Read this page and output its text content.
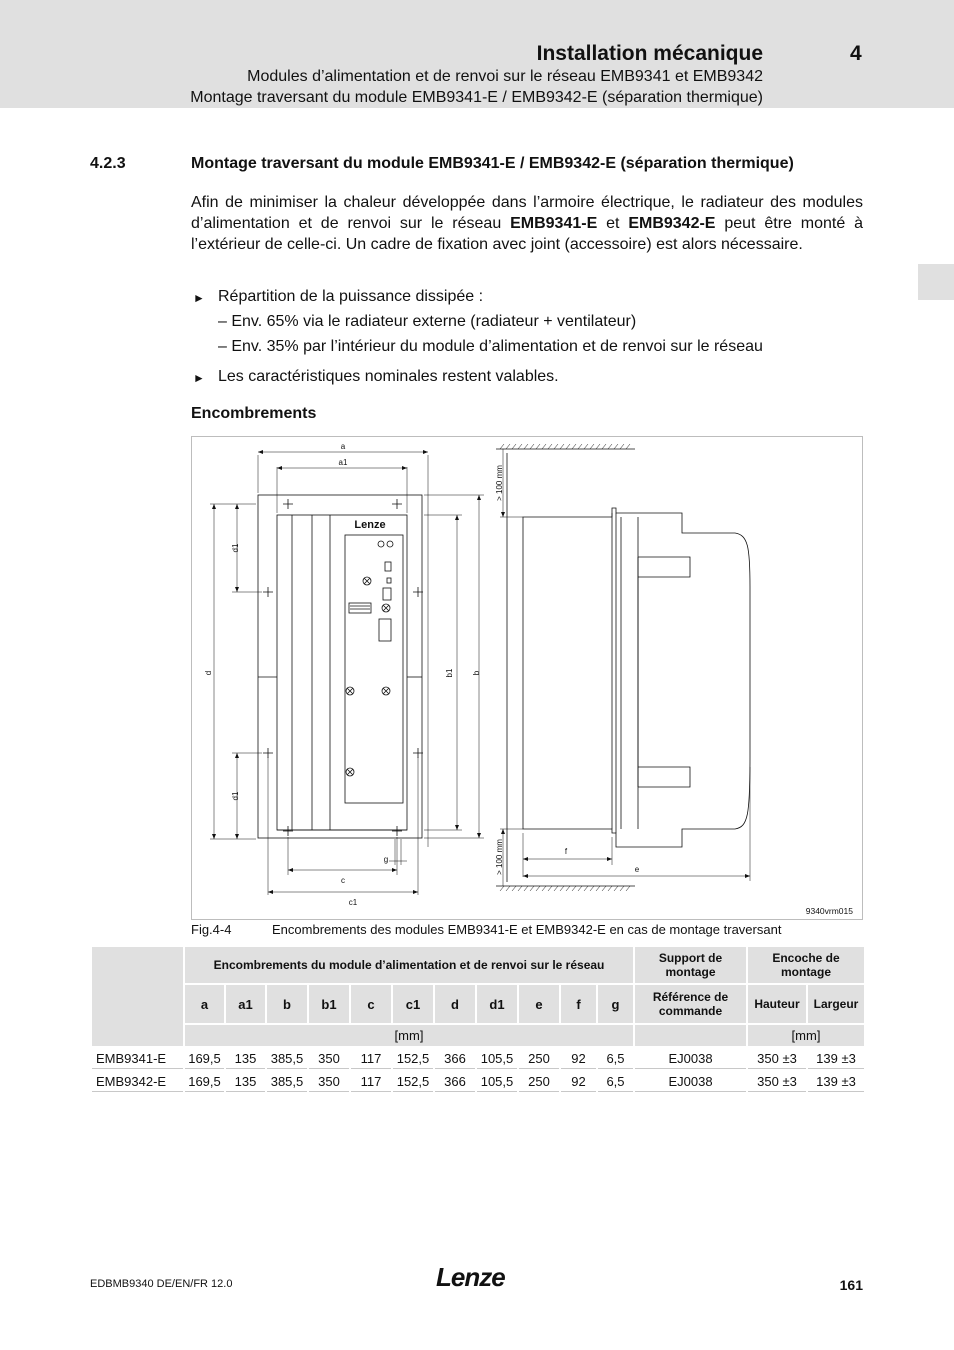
Installation mécanique	4
Modules d’alimentation et de renvoi sur le réseau EMB9341 et EMB9342
Montage traversant du module EMB9341-E / EMB9342-E (séparation thermique)
4.2.3	Montage traversant du module EMB9341-E / EMB9342-E (séparation thermique)
Afin de minimiser la chaleur développée dans l’armoire électrique, le radiateur des modules d’alimentation et de renvoi sur le réseau EMB9341-E et EMB9342-E peut être monté à l’extérieur de celle-ci. Un cadre de fixation avec joint (accessoire) est alors nécessaire.
► Répartition de la puissance dissipée :
– Env. 65% via le radiateur externe (radiateur + ventilateur)
– Env. 35% par l’intérieur du module d’alimentation et de renvoi sur le réseau
► Les caractéristiques nominales restent valables.
Encombrements
a
a1
c1
c
g
f
e
d
d1
d1
b1 b
> 100 mm
> 100 mm
Lenze
9340vrm015
Fig.4-4	Encombrements des modules EMB9341-E et EMB9342-E en cas de montage traversant
	Encombrements du module d’alimentation et de renvoi sur le réseau											Support de montage	Encoche de montage	
	a	a1	b	b1	c	c1	d	d1	e	f	g	Référence de commande	Hauteur	Largeur
	[mm]												[mm]	
EMB9341-E	169,5	135	385,5	350	117	152,5	366	105,5	250	92	6,5	EJ0038	350 ±3	139 ±3
EMB9342-E	169,5	135	385,5	350	117	152,5	366	105,5	250	92	6,5	EJ0038	350 ±3	139 ±3
EDBMB9340 DE/EN/FR 12.0	Lenze	161
